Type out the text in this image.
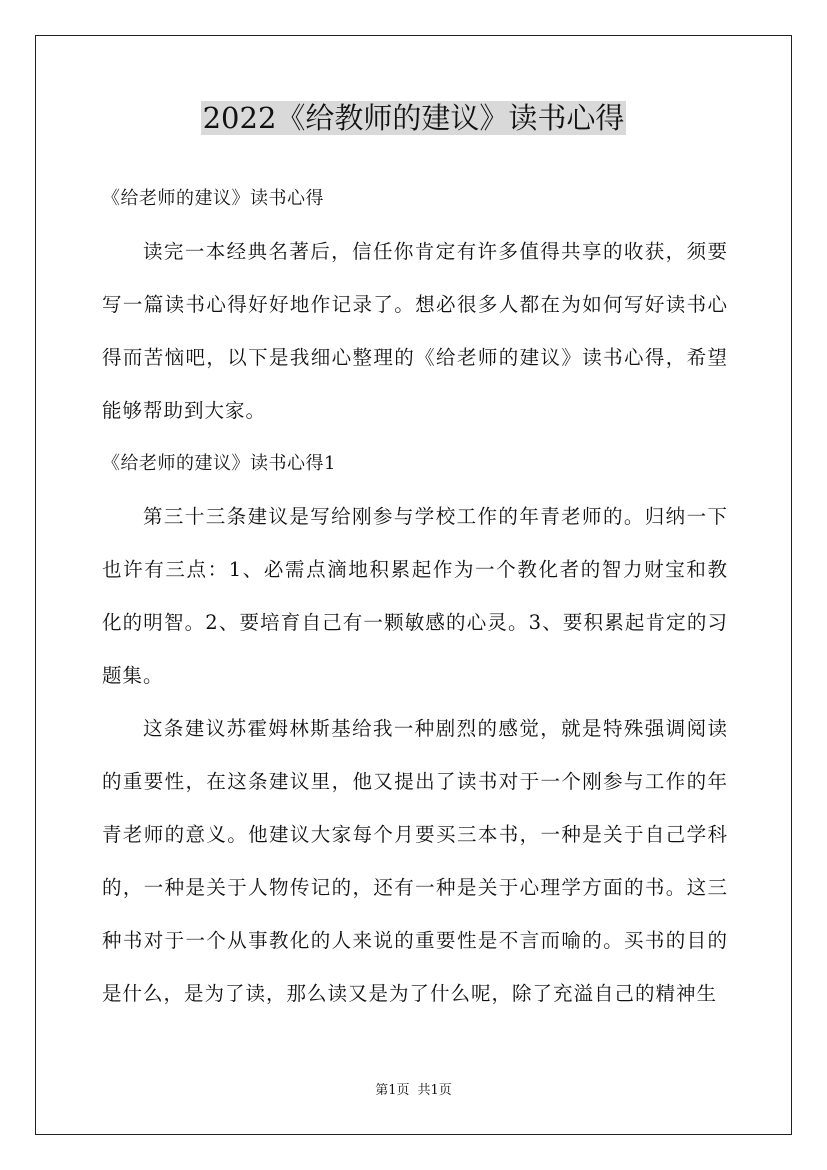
2022《给教师的建议》读书心得

《给老师的建议》读书心得

读完一本经典名著后，信任你肯定有许多值得共享的收获，须要写一篇读书心得好好地作记录了。想必很多人都在为如何写好读书心得而苦恼吧，以下是我细心整理的《给老师的建议》读书心得，希望能够帮助到大家。

《给老师的建议》读书心得1

第三十三条建议是写给刚参与学校工作的年青老师的。归纳一下也许有三点：1、必需点滴地积累起作为一个教化者的智力财宝和教化的明智。2、要培育自己有一颗敏感的心灵。3、要积累起肯定的习题集。

这条建议苏霍姆林斯基给我一种剧烈的感觉，就是特殊强调阅读的重要性，在这条建议里，他又提出了读书对于一个刚参与工作的年青老师的意义。他建议大家每个月要买三本书，一种是关于自己学科的，一种是关于人物传记的，还有一种是关于心理学方面的书。这三种书对于一个从事教化的人来说的重要性是不言而喻的。买书的目的是什么，是为了读，那么读又是为了什么呢，除了充溢自己的精神生

第1页 共1页
